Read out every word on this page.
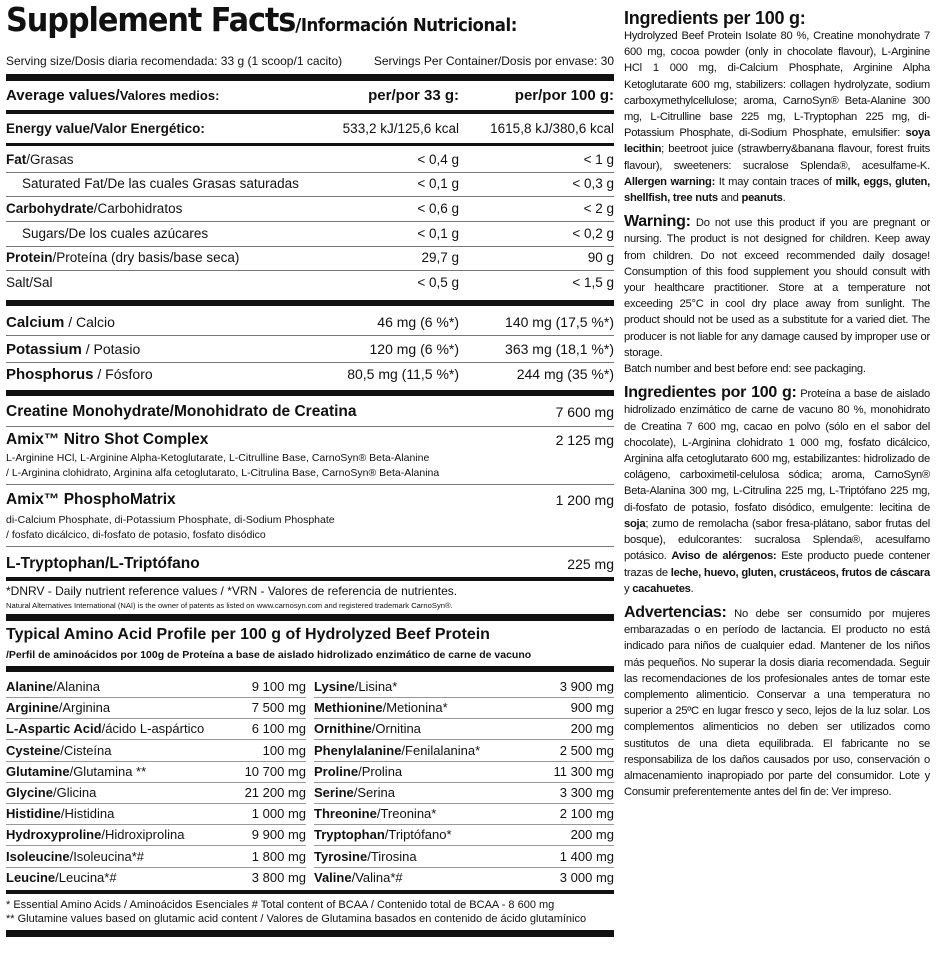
Supplement Facts/Información Nutricional:
Serving size/Dosis diaria recomendada: 33 g (1 scoop/1 cacito)	Servings Per Container/Dosis por envase: 30
Average values/Valores medios:	per/por 33 g:	per/por 100 g:
Energy value/Valor Energético:	533,2 kJ/125,6 kcal 1615,8 kJ/380,6 kcal
Fat/Grasas	< 0,4 g	< 1 g
Saturated Fat/De las cuales Grasas saturadas	< 0,1 g	< 0,3 g
Carbohydrate/Carbohidratos	< 0,6 g	< 2 g
Sugars/De los cuales azúcares	< 0,1 g	< 0,2 g
Protein/Proteína (dry basis/base seca)	29,7 g	90 g
Salt/Sal	< 0,5 g	< 1,5 g
Calcium / Calcio	46 mg (6 %*)	140 mg (17,5 %*)
Potassium / Potasio	120 mg (6 %*)	363 mg (18,1 %*)
Phosphorus / Fósforo	80,5 mg (11,5 %*)	244 mg (35 %*)
Creatine Monohydrate/Monohidrato de Creatina	7 600 mg
Amix™ Nitro Shot Complex	2 125 mg
L-Arginine HCl, L-Arginine Alpha-Ketoglutarate, L-Citrulline Base, CarnoSyn® Beta-Alanine
/ L-Arginina clohidrato, Arginina alfa cetoglutarato, L-Citrulina Base, CarnoSyn® Beta-Alanina
Amix™ PhosphoMatrix	1 200 mg
di-Calcium Phosphate, di-Potassium Phosphate, di-Sodium Phosphate
/ fosfato dicálcico, di-fosfato de potasio, fosfato disódico
L-Tryptophan/L-Triptófano	225 mg
*DNRV - Daily nutrient reference values / *VRN - Valores de referencia de nutrientes.
Natural Alternatives International (NAI) is the owner of patents as listed on www.carnosyn.com and registered trademark CarnoSyn®.
Typical Amino Acid Profile per 100 g of Hydrolyzed Beef Protein
/Perfil de aminoácidos por 100g de Proteína a base de aislado hidrolizado enzimático de carne de vacuno
Alanine/Alanina	9 100 mg
Arginine/Arginina	7 500 mg
L-Aspartic Acid/ácido L-aspártico	6 100 mg
Cysteine/Cisteína	100 mg
Glutamine/Glutamina **	10 700 mg
Glycine/Glicina	21 200 mg
Histidine/Histidina	1 000 mg
Hydroxyproline/Hidroxiprolina	9 900 mg
Isoleucine/Isoleucina*#	1 800 mg
Leucine/Leucina*#	3 800 mg
Lysine/Lisina*	3 900 mg
Methionine/Metionina*	900 mg
Ornithine/Ornitina	200 mg
Phenylalanine/Fenilalanina*	2 500 mg
Proline/Prolina	11 300 mg
Serine/Serina	3 300 mg
Threonine/Treonina*	2 100 mg
Tryptophan/Triptófano*	200 mg
Tyrosine/Tirosina	1 400 mg
Valine/Valina*#	3 000 mg
* Essential Amino Acids / Aminoácidos Esenciales # Total content of BCAA / Contenido total de BCAA - 8 600 mg
** Glutamine values based on glutamic acid content / Valores de Glutamina basados en contenido de ácido glutamínico
Ingredients per 100 g:
Hydrolyzed Beef Protein Isolate 80 %, Creatine monohydrate 7 600 mg, cocoa powder (only in chocolate flavour), L-Arginine HCl 1 000 mg, di-Calcium Phosphate, Arginine Alpha Ketoglutarate 600 mg, stabilizers: collagen hydrolyzate, sodium carboxymethylcellulose; aroma, CarnoSyn® Beta-Alanine 300 mg, L-Citrulline base 225 mg, L-Tryptophan 225 mg, di-Potassium Phosphate, di-Sodium Phosphate, emulsifier: soya lecithin; beetroot juice (strawberry&banana flavour, forest fruits flavour), sweeteners: sucralose Splenda®, acesulfame-K. Allergen warning: It may contain traces of milk, eggs, gluten, shellfish, tree nuts and peanuts.
Warning: Do not use this product if you are pregnant or nursing. The product is not designed for children. Keep away from children. Do not exceed recommended daily dosage! Consumption of this food supplement you should consult with your healthcare practitioner. Store at a temperature not exceeding 25°C in cool dry place away from sunlight. The product should not be used as a substitute for a varied diet. The producer is not liable for any damage caused by improper use or storage.
Batch number and best before end: see packaging.
Ingredientes por 100 g: Proteína a base de aislado hidrolizado enzimático de carne de vacuno 80 %, monohidrato de Creatina 7 600 mg, cacao en polvo (sólo en el sabor del chocolate), L-Arginina clohidrato 1 000 mg, fosfato dicálcico, Arginina alfa cetoglutarato 600 mg, estabilizantes: hidrolizado de colágeno, carboximetil-celulosa sódica; aroma, CarnoSyn® Beta-Alanina 300 mg, L-Citrulina 225 mg, L-Triptófano 225 mg, di-fosfato de potasio, fosfato disódico, emulgente: lecitina de soja; zumo de remolacha (sabor fresa-plátano, sabor frutas del bosque), edulcorantes: sucralosa Splenda®, acesulfamo potásico. Aviso de alérgenos: Este producto puede contener trazas de leche, huevo, gluten, crustáceos, frutos de cáscara y cacahuetes.
Advertencias: No debe ser consumido por mujeres embarazadas o en período de lactancia. El producto no está indicado para niños de cualquier edad. Mantener de los niños más pequeños. No superar la dosis diaria recomendada. Seguir las recomendaciones de los profesionales antes de tomar este complemento alimenticio. Conservar a una temperatura no superior a 25ºC en lugar fresco y seco, lejos de la luz solar. Los complementos alimenticios no deben ser utilizados como sustitutos de una dieta equilibrada. El fabricante no se responsabiliza de los daños causados por uso, conservación o almacenamiento inapropiado por parte del consumidor. Lote y Consumir preferentemente antes del fin de: Ver impreso.
